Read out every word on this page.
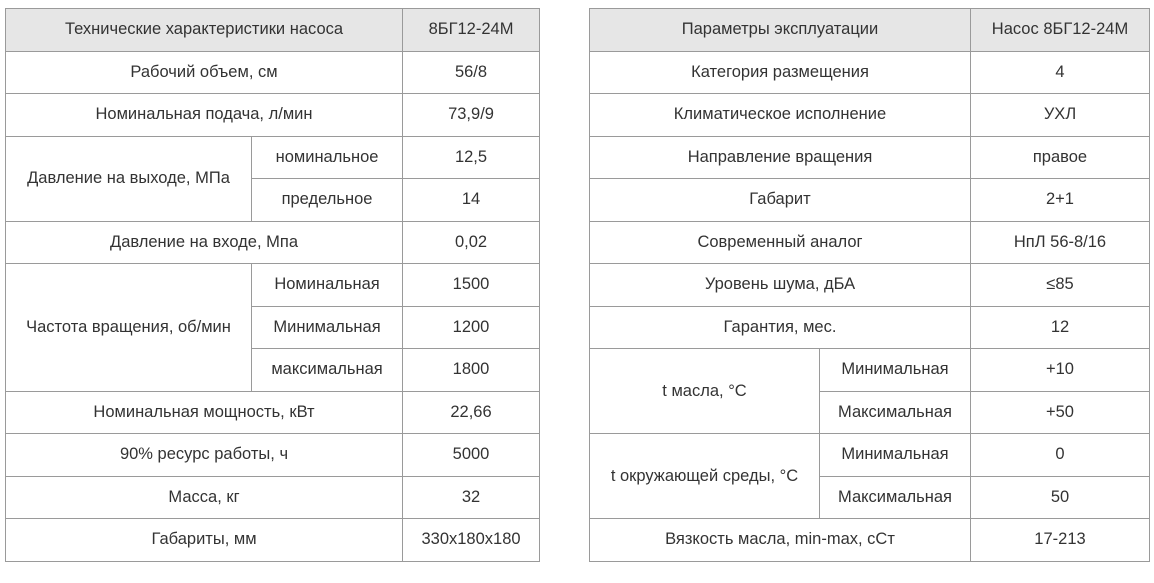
Технические характеристики насоса		8БГ12-24М
Рабочий объем, см		56/8
Номинальная подача, л/мин		73,9/9
Давление на выходе, МПа	номинальное	12,5
	предельное	14
Давление на входе, Мпа		0,02
Частота вращения, об/мин	Номинальная	1500
	Минимальная	1200
	максимальная	1800
Номинальная мощность, кВт		22,66
90% ресурс работы, ч		5000
Масса, кг		32
Габариты, мм		330x180x180
Параметры эксплуатации		Насос 8БГ12-24М
Категория размещения		4
Климатическое исполнение		УХЛ
Направление вращения		правое
Габарит		2+1
Современный аналог		НпЛ 56-8/16
Уровень шума, дБА		≤85
Гарантия, мес.		12
t масла, °C	Минимальная	+10
	Максимальная	+50
t окружающей среды, °C	Минимальная	0
	Максимальная	50
Вязкость масла, min-max, сСт		17-213
